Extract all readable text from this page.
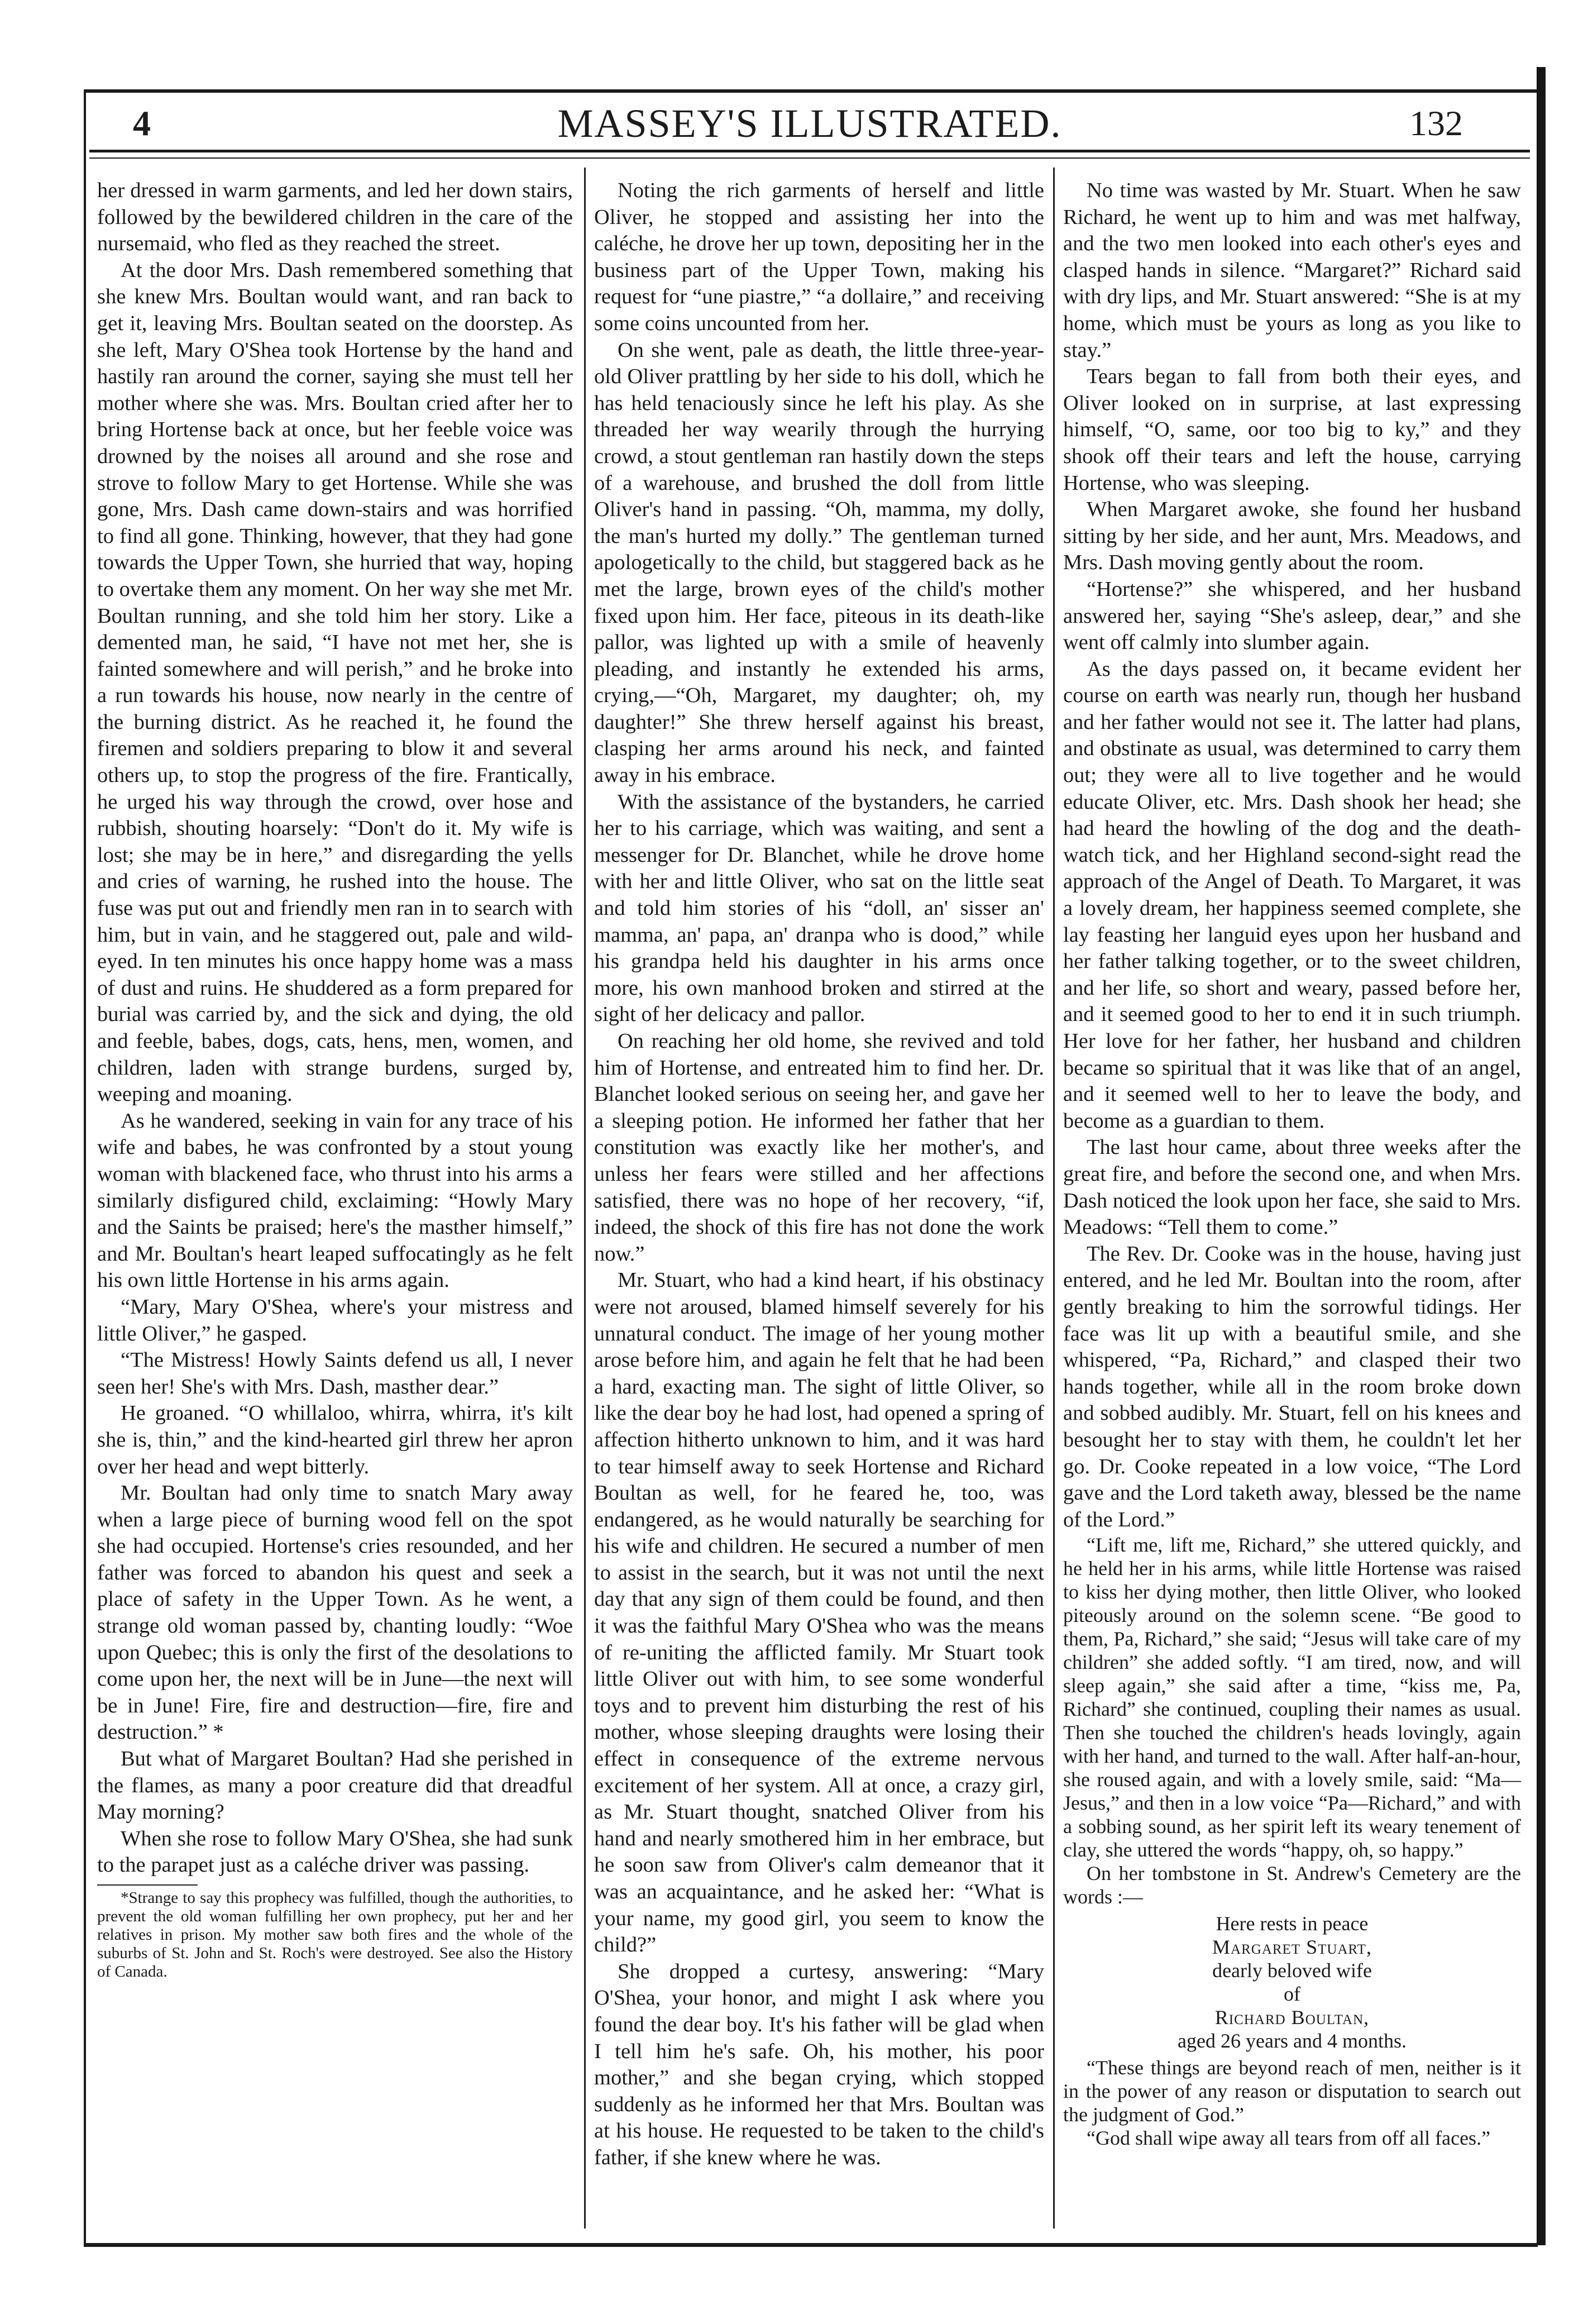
MASSEY'S ILLUSTRATED.
4	132

her dressed in warm garments, and led her down stairs, followed by the bewildered children in the care of the nursemaid, who fled as they reached the street.

At the door Mrs. Dash remembered something that she knew Mrs. Boultan would want, and ran back to get it, leaving Mrs. Boultan seated on the doorstep. As she left, Mary O'Shea took Hortense by the hand and hastily ran around the corner, saying she must tell her mother where she was. Mrs. Boultan cried after her to bring Hortense back at once, but her feeble voice was drowned by the noises all around and she rose and strove to follow Mary to get Hortense. While she was gone, Mrs. Dash came down-stairs and was horrified to find all gone. Thinking, however, that they had gone towards the Upper Town, she hurried that way, hoping to overtake them any moment. On her way she met Mr. Boultan running, and she told him her story. Like a demented man, he said, “I have not met her, she is fainted somewhere and will perish,” and he broke into a run towards his house, now nearly in the centre of the burning district. As he reached it, he found the firemen and soldiers preparing to blow it and several others up, to stop the progress of the fire. Frantically, he urged his way through the crowd, over hose and rubbish, shouting hoarsely: “Don't do it. My wife is lost; she may be in here,” and disregarding the yells and cries of warning, he rushed into the house. The fuse was put out and friendly men ran in to search with him, but in vain, and he staggered out, pale and wild-eyed. In ten minutes his once happy home was a mass of dust and ruins. He shuddered as a form prepared for burial was carried by, and the sick and dying, the old and feeble, babes, dogs, cats, hens, men, women, and children, laden with strange burdens, surged by, weeping and moaning.

As he wandered, seeking in vain for any trace of his wife and babes, he was confronted by a stout young woman with blackened face, who thrust into his arms a similarly disfigured child, exclaiming: “Howly Mary and the Saints be praised; here's the masther himself,” and Mr. Boultan's heart leaped suffocatingly as he felt his own little Hortense in his arms again.

“Mary, Mary O'Shea, where's your mistress and little Oliver,” he gasped.

“The Mistress! Howly Saints defend us all, I never seen her! She's with Mrs. Dash, masther dear.”

He groaned. “O whillaloo, whirra, whirra, it's kilt she is, thin,” and the kind-hearted girl threw her apron over her head and wept bitterly.

Mr. Boultan had only time to snatch Mary away when a large piece of burning wood fell on the spot she had occupied. Hortense's cries resounded, and her father was forced to abandon his quest and seek a place of safety in the Upper Town. As he went, a strange old woman passed by, chanting loudly: “Woe upon Quebec; this is only the first of the desolations to come upon her, the next will be in June—the next will be in June! Fire, fire and destruction—fire, fire and destruction.” *

But what of Margaret Boultan? Had she perished in the flames, as many a poor creature did that dreadful May morning?

When she rose to follow Mary O'Shea, she had sunk to the parapet just as a caléche driver was passing.

*Strange to say this prophecy was fulfilled, though the authorities, to prevent the old woman fulfilling her own prophecy, put her and her relatives in prison. My mother saw both fires and the whole of the suburbs of St. John and St. Roch's were destroyed. See also the History of Canada.

Noting the rich garments of herself and little Oliver, he stopped and assisting her into the caléche, he drove her up town, depositing her in the business part of the Upper Town, making his request for “une piastre,” “a dollaire,” and receiving some coins uncounted from her.

On she went, pale as death, the little three-year-old Oliver prattling by her side to his doll, which he has held tenaciously since he left his play. As she threaded her way wearily through the hurrying crowd, a stout gentleman ran hastily down the steps of a warehouse, and brushed the doll from little Oliver's hand in passing. “Oh, mamma, my dolly, the man's hurted my dolly.” The gentleman turned apologetically to the child, but staggered back as he met the large, brown eyes of the child's mother fixed upon him. Her face, piteous in its death-like pallor, was lighted up with a smile of heavenly pleading, and instantly he extended his arms, crying,—“Oh, Margaret, my daughter; oh, my daughter!” She threw herself against his breast, clasping her arms around his neck, and fainted away in his embrace.

With the assistance of the bystanders, he carried her to his carriage, which was waiting, and sent a messenger for Dr. Blanchet, while he drove home with her and little Oliver, who sat on the little seat and told him stories of his “doll, an' sisser an' mamma, an' papa, an' dranpa who is dood,” while his grandpa held his daughter in his arms once more, his own manhood broken and stirred at the sight of her delicacy and pallor.

On reaching her old home, she revived and told him of Hortense, and entreated him to find her. Dr. Blanchet looked serious on seeing her, and gave her a sleeping potion. He informed her father that her constitution was exactly like her mother's, and unless her fears were stilled and her affections satisfied, there was no hope of her recovery, “if, indeed, the shock of this fire has not done the work now.”

Mr. Stuart, who had a kind heart, if his obstinacy were not aroused, blamed himself severely for his unnatural conduct. The image of her young mother arose before him, and again he felt that he had been a hard, exacting man. The sight of little Oliver, so like the dear boy he had lost, had opened a spring of affection hitherto unknown to him, and it was hard to tear himself away to seek Hortense and Richard Boultan as well, for he feared he, too, was endangered, as he would naturally be searching for his wife and children. He secured a number of men to assist in the search, but it was not until the next day that any sign of them could be found, and then it was the faithful Mary O'Shea who was the means of re-uniting the afflicted family. Mr Stuart took little Oliver out with him, to see some wonderful toys and to prevent him disturbing the rest of his mother, whose sleeping draughts were losing their effect in consequence of the extreme nervous excitement of her system. All at once, a crazy girl, as Mr. Stuart thought, snatched Oliver from his hand and nearly smothered him in her embrace, but he soon saw from Oliver's calm demeanor that it was an acquaintance, and he asked her: “What is your name, my good girl, you seem to know the child?”

She dropped a curtesy, answering: “Mary O'Shea, your honor, and might I ask where you found the dear boy. It's his father will be glad when I tell him he's safe. Oh, his mother, his poor mother,” and she began crying, which stopped suddenly as he informed her that Mrs. Boultan was at his house. He requested to be taken to the child's father, if she knew where he was.

No time was wasted by Mr. Stuart. When he saw Richard, he went up to him and was met halfway, and the two men looked into each other's eyes and clasped hands in silence. “Margaret?” Richard said with dry lips, and Mr. Stuart answered: “She is at my home, which must be yours as long as you like to stay.”

Tears began to fall from both their eyes, and Oliver looked on in surprise, at last expressing himself, “O, same, oor too big to ky,” and they shook off their tears and left the house, carrying Hortense, who was sleeping.

When Margaret awoke, she found her husband sitting by her side, and her aunt, Mrs. Meadows, and Mrs. Dash moving gently about the room.

“Hortense?” she whispered, and her husband answered her, saying “She's asleep, dear,” and she went off calmly into slumber again.

As the days passed on, it became evident her course on earth was nearly run, though her husband and her father would not see it. The latter had plans, and obstinate as usual, was determined to carry them out; they were all to live together and he would educate Oliver, etc. Mrs. Dash shook her head; she had heard the howling of the dog and the death-watch tick, and her Highland second-sight read the approach of the Angel of Death. To Margaret, it was a lovely dream, her happiness seemed complete, she lay feasting her languid eyes upon her husband and her father talking together, or to the sweet children, and her life, so short and weary, passed before her, and it seemed good to her to end it in such triumph. Her love for her father, her husband and children became so spiritual that it was like that of an angel, and it seemed well to her to leave the body, and become as a guardian to them.

The last hour came, about three weeks after the great fire, and before the second one, and when Mrs. Dash noticed the look upon her face, she said to Mrs. Meadows: “Tell them to come.”

The Rev. Dr. Cooke was in the house, having just entered, and he led Mr. Boultan into the room, after gently breaking to him the sorrowful tidings. Her face was lit up with a beautiful smile, and she whispered, “Pa, Richard,” and clasped their two hands together, while all in the room broke down and sobbed audibly. Mr. Stuart, fell on his knees and besought her to stay with them, he couldn't let her go. Dr. Cooke repeated in a low voice, “The Lord gave and the Lord taketh away, blessed be the name of the Lord.”

“Lift me, lift me, Richard,” she uttered quickly, and he held her in his arms, while little Hortense was raised to kiss her dying mother, then little Oliver, who looked piteously around on the solemn scene. “Be good to them, Pa, Richard,” she said; “Jesus will take care of my children” she added softly. “I am tired, now, and will sleep again,” she said after a time, “kiss me, Pa, Richard” she continued, coupling their names as usual. Then she touched the children's heads lovingly, again with her hand, and turned to the wall. After half-an-hour, she roused again, and with a lovely smile, said: “Ma—Jesus,” and then in a low voice “Pa—Richard,” and with a sobbing sound, as her spirit left its weary tenement of clay, she uttered the words “happy, oh, so happy.”

On her tombstone in St. Andrew's Cemetery are the words :—

Here rests in peace
Margaret Stuart,
dearly beloved wife
of
Richard Boultan,
aged 26 years and 4 months.

“These things are beyond reach of men, neither is it in the power of any reason or disputation to search out the judgment of God.”

“God shall wipe away all tears from off all faces.”
